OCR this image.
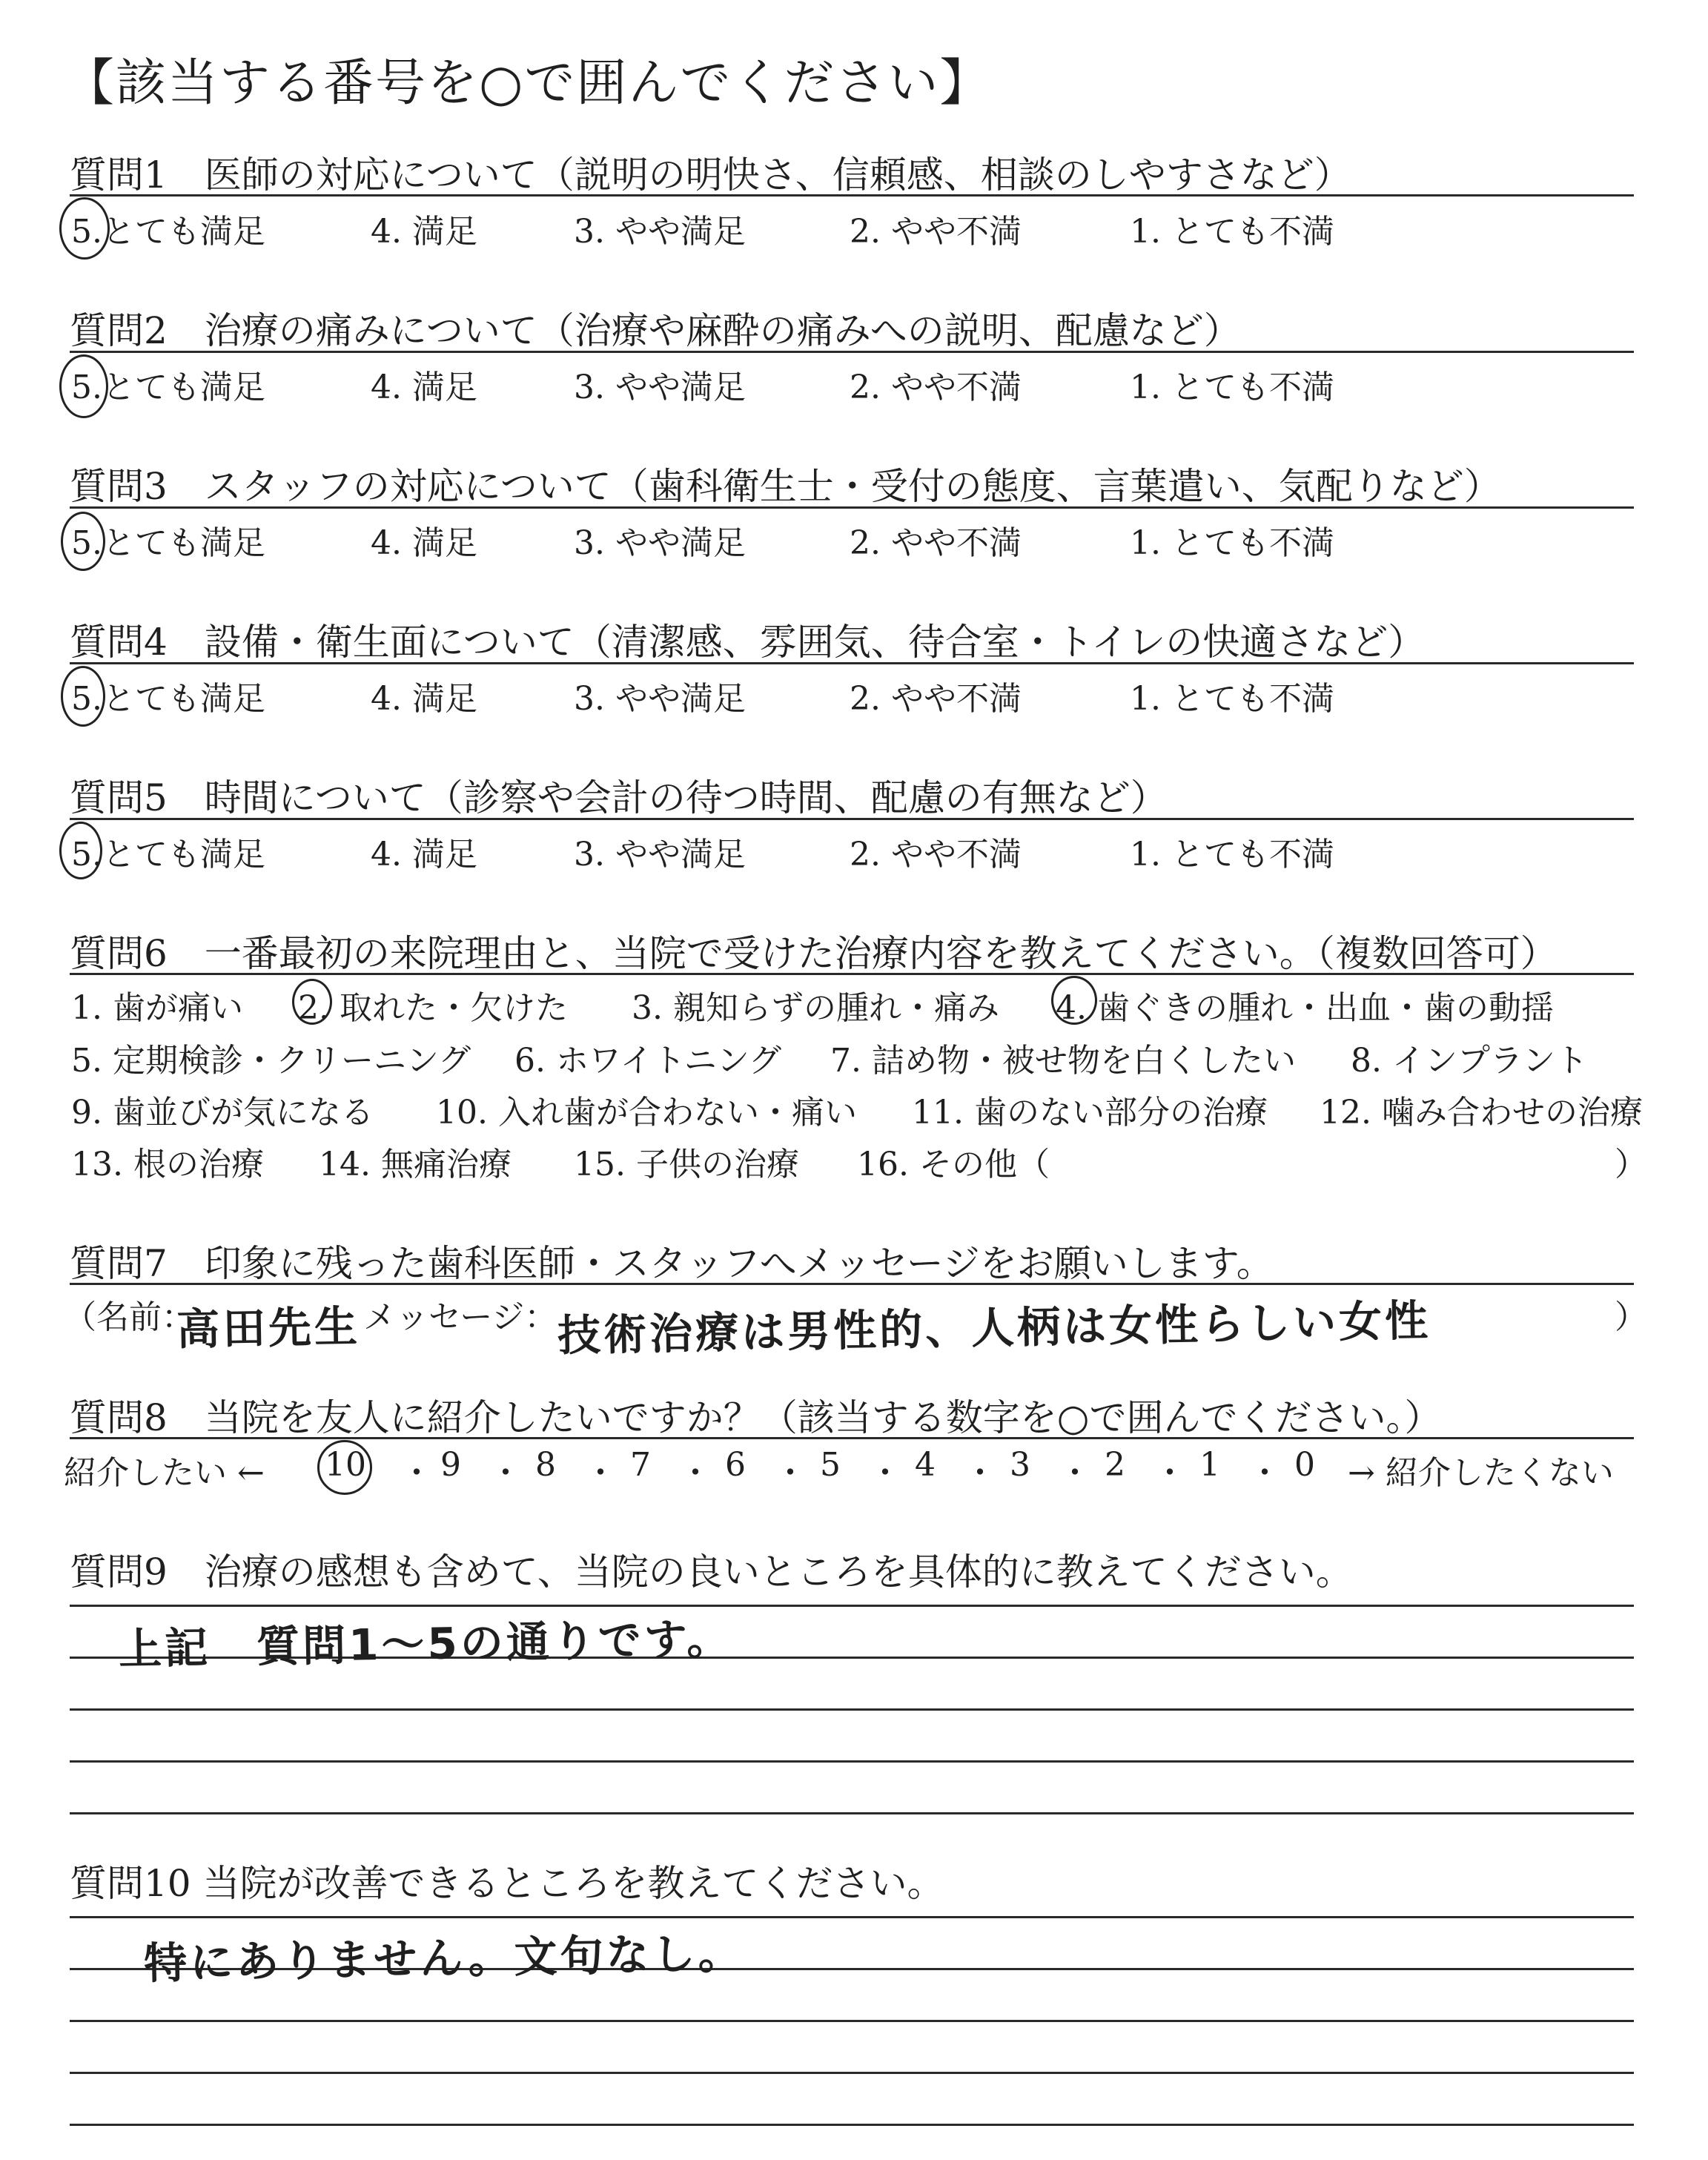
【該当する番号を○で囲んでください】
質問1　医師の対応について（説明の明快さ、信頼感、相談のしやすさなど）
5.とても満足	4. 満足	3. やや満足	2. やや不満	1. とても不満
質問2　治療の痛みについて（治療や麻酔の痛みへの説明、配慮など）
5.とても満足	4. 満足	3. やや満足	2. やや不満	1. とても不満
質問3　スタッフの対応について（歯科衛生士・受付の態度、言葉遣い、気配りなど）
5.とても満足	4. 満足	3. やや満足	2. やや不満	1. とても不満
質問4　設備・衛生面について（清潔感、雰囲気、待合室・トイレの快適さなど）
5.とても満足	4. 満足	3. やや満足	2. やや不満	1. とても不満
質問5　時間について（診察や会計の待つ時間、配慮の有無など）
5.とても満足	4. 満足	3. やや満足	2. やや不満	1. とても不満
質問6　一番最初の来院理由と、当院で受けた治療内容を教えてください。（複数回答可）
1. 歯が痛い 2. 取れた・欠けた 3. 親知らずの腫れ・痛み 4. 歯ぐきの腫れ・出血・歯の動揺
5. 定期検診・クリーニング 6. ホワイトニング 7. 詰め物・被せ物を白くしたい 8. インプラント
9. 歯並びが気になる 10. 入れ歯が合わない・痛い 11. 歯のない部分の治療 12. 噛み合わせの治療
13. 根の治療 14. 無痛治療 15. 子供の治療 16. その他（	）
質問7　印象に残った歯科医師・スタッフへメッセージをお願いします。
（名前：
高田先生 メッセージ： 技術治療は男性的、人柄は女性らしい女性	）
質問8　当院を友人に紹介したいですか？（該当する数字を○で囲んでください。）
紹介したい ← 10 9 8 7 6 5 4 3 2 1 0
・ ・ ・ ・ ・ ・ ・ ・ ・ ・ → 紹介したくない
質問9　治療の感想も含めて、当院の良いところを具体的に教えてください。
上記　質問1～5の通りです。
質問10 当院が改善できるところを教えてください。
特にありません。文句なし。
